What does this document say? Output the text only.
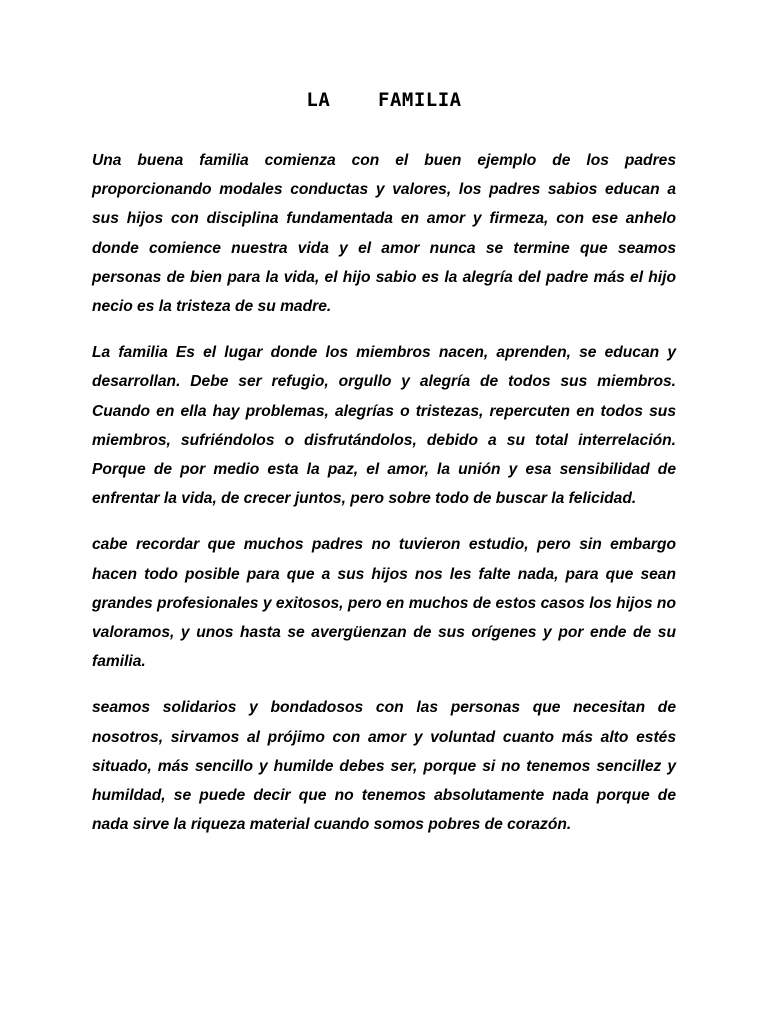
LA    FAMILIA

Una buena familia comienza con el buen ejemplo de los padres proporcionando modales conductas y valores, los padres sabios educan a sus hijos con disciplina fundamentada en amor y firmeza, con ese anhelo donde comience nuestra vida y el amor nunca se termine que seamos personas de bien para la vida, el hijo sabio es la alegría del padre más el hijo necio es la tristeza de su madre.

La familia Es el lugar donde los miembros nacen, aprenden, se educan y desarrollan. Debe ser refugio, orgullo y alegría de todos sus miembros. Cuando en ella hay problemas, alegrías o tristezas, repercuten en todos sus miembros, sufriéndolos o disfrutándolos, debido a su total interrelación. Porque de por medio esta la paz, el amor, la unión y esa sensibilidad de enfrentar la vida, de crecer juntos, pero sobre todo de buscar la felicidad.

cabe recordar que muchos padres no tuvieron estudio, pero sin embargo hacen todo posible para que a sus hijos nos les falte nada, para que sean grandes profesionales y exitosos, pero en muchos de estos casos los hijos no valoramos, y unos hasta se avergüenzan de sus orígenes y por ende de su familia.

seamos solidarios y bondadosos con las personas que necesitan de nosotros, sirvamos al prójimo con amor y voluntad cuanto más alto estés situado, más sencillo y humilde debes ser, porque si no tenemos sencillez y humildad, se puede decir que no tenemos absolutamente nada porque de nada sirve la riqueza material cuando somos pobres de corazón.
